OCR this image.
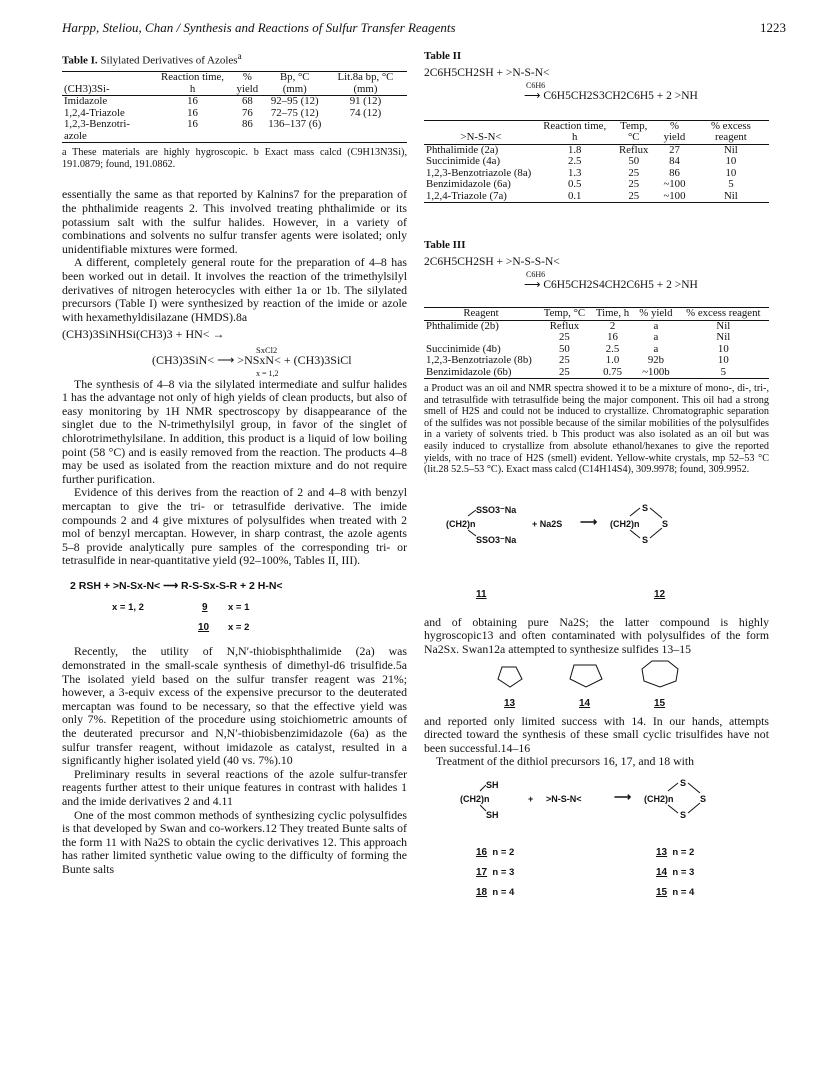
Harpp, Steliou, Chan / Synthesis and Reactions of Sulfur Transfer Reagents	1223
Table I. Silylated Derivatives of Azoles$^a$
(CH3)3Si-	Reaction time, h	% yield	Bp, °C (mm)	Lit.8a bp, °C (mm)
Imidazole	16	68	92–95 (12)	91 (12)
1,2,4-Triazole	16	76	72–75 (12)	74 (12)
1,2,3-Benzotri- azole	16	86	136–137 (6)	
a These materials are highly hygroscopic. b Exact mass calcd (C9H13N3Si), 191.0879; found, 191.0862.

essentially the same as that reported by Kalnins7 for the preparation of the phthalimide reagents 2. This involved treating phthalimide or its potassium salt with the sulfur halides. However, in a variety of combinations and solvents no sulfur transfer agents were isolated; only unidentifiable mixtures were formed.

A different, completely general route for the preparation of 4–8 has been worked out in detail. It involves the reaction of the trimethylsilyl derivatives of nitrogen heterocycles with either 1a or 1b. The silylated precursors (Table I) were synthesized by reaction of the imide or azole with hexamethyldisilazane (HMDS).8a

(CH3)3SiNHSi(CH3)3 + HN< →
SxCl2
(CH3)3SiN< ⟶ >NSxN< + (CH3)3SiCl
x = 1,2

The synthesis of 4–8 via the silylated intermediate and sulfur halides 1 has the advantage not only of high yields of clean products, but also of easy monitoring by 1H NMR spectroscopy by disappearance of the singlet due to the N-trimethylsilyl group, in favor of the singlet of chlorotrimethylsilane. In addition, this product is a liquid of low boiling point (58 °C) and is easily removed from the reaction. The products 4–8 may be used as isolated from the reaction mixture and do not require further purification.

Evidence of this derives from the reaction of 2 and 4–8 with benzyl mercaptan to give the tri- or tetrasulfide derivative. The imide compounds 2 and 4 give mixtures of polysulfides when treated with 2 mol of benzyl mercaptan. However, in sharp contrast, the azole agents 5–8 provide analytically pure samples of the corresponding tri- or tetrasulfide in near-quantitative yield (92–100%, Tables II, III).

2 RSH + >N-Sx-N< ⟶ R-S-Sx-S-R + 2 H-N<
x = 1, 2	9 x = 1
10 x = 2

Recently, the utility of N,N′-thiobisphthalimide (2a) was demonstrated in the small-scale synthesis of dimethyl-d6 trisulfide.5a The isolated yield based on the sulfur transfer reagent was 21%; however, a 3-equiv excess of the expensive precursor to the deuterated mercaptan was found to be necessary, so that the effective yield was only 7%. Repetition of the procedure using stoichiometric amounts of the deuterated precursor and N,N′-thiobisbenzimidazole (6a) as the sulfur transfer reagent, without imidazole as catalyst, resulted in a significantly higher isolated yield (40 vs. 7%).10

Preliminary results in several reactions of the azole sulfur-transfer reagents further attest to their unique features in contrast with halides 1 and the imide derivatives 2 and 4.11

One of the most common methods of synthesizing cyclic polysulfides is that developed by Swan and co-workers.12 They treated Bunte salts of the form 11 with Na2S to obtain the cyclic derivatives 12. This approach has rather limited synthetic value owing to the difficulty of forming the Bunte salts

Table II
2C6H5CH2SH + >N-S-N<
C6H6
⟶ C6H5CH2S3CH2C6H5 + 2 >NH
>N-S-N<	Reaction time, h	Temp, °C	% yield	% excess reagent
Phthalimide (2a)	1.8	Reflux	27	Nil
Succinimide (4a)	2.5	50	84	10
1,2,3-Benzotriazole (8a)	1.3	25	86	10
Benzimidazole (6a)	0.5	25	~100	5
1,2,4-Triazole (7a)	0.1	25	~100	Nil
Table III
2C6H5CH2SH + >N-S-S-N<
C6H6
⟶ C6H5CH2S4CH2C6H5 + 2 >NH
Reagent	Temp, °C	Time, h	% yield	% excess reagent
Phthalimide (2b)	Reflux	2	a	Nil
	25	16	a	Nil
Succinimide (4b)	50	2.5	a	10
1,2,3-Benzotriazole (8b)	25	1.0	92b	10
Benzimidazole (6b)	25	0.75	~100b	5
a Product was an oil and NMR spectra showed it to be a mixture of mono-, di-, tri-, and tetrasulfide with tetrasulfide being the major component. This oil had a strong smell of H2S and could not be induced to crystallize. Chromatographic separation of the sulfides was not possible because of the similar mobilities of the polysulfides in a variety of solvents tried. b This product was also isolated as an oil but was easily induced to crystallize from absolute ethanol/hexanes to give the reported yields, with no trace of H2S (smell) evident. Yellow-white crystals, mp 52–53 °C (lit.28 52.5–53 °C). Exact mass calcd (C14H14S4), 309.9978; found, 309.9952.
SSO3⁻Na
(CH2)n
SSO3⁻Na
+ Na2S ⟶ (CH2)n
S
S
S
11	12

and of obtaining pure Na2S; the latter compound is highly hygroscopic13 and often contaminated with polysulfides of the form Na2Sx. Swan12a attempted to synthesize sulfides 13–15

13	14	15

and reported only limited success with 14. In our hands, attempts directed toward the synthesis of these small cyclic trisulfides have not been successful.14–16

Treatment of the dithiol precursors 16, 17, and 18 with

SH
(CH2)n
SH
+ >N-S-N<	⟶ (CH2)n
S
S
S
16 n = 2
17 n = 3
18 n = 4
13 n = 2
14 n = 3
15 n = 4
